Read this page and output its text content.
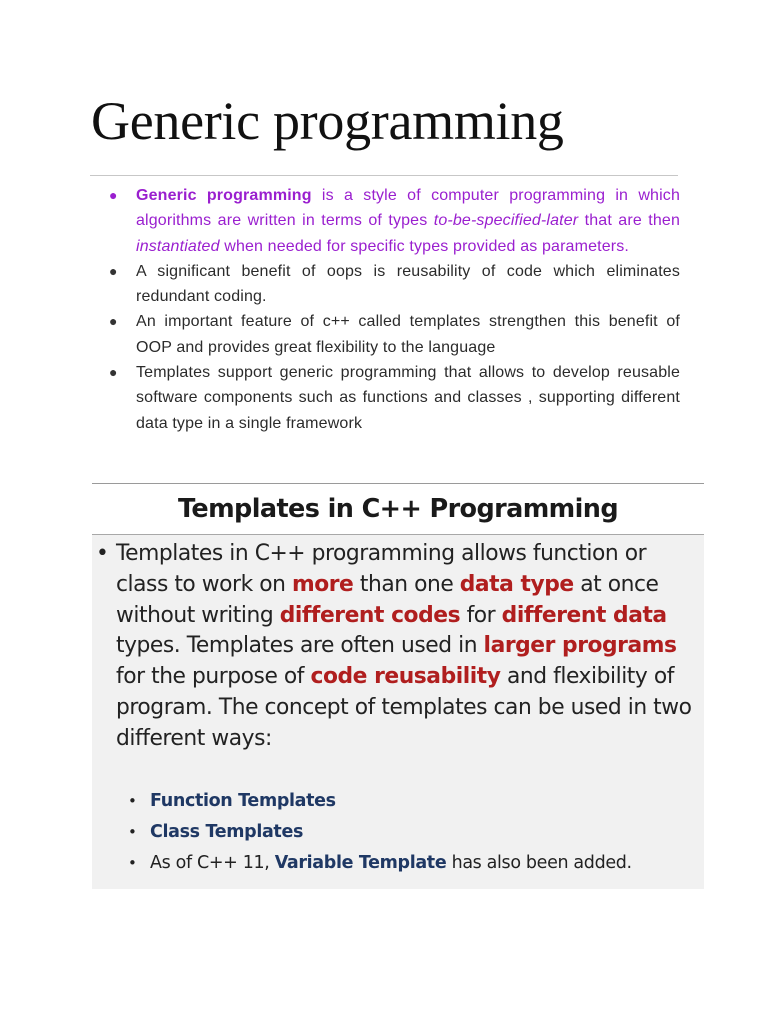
Generic programming
● Generic programming is a style of computer programming in which algorithms are written in terms of types to-be-specified-later that are then instantiated when needed for specific types provided as parameters.
● A significant benefit of oops is reusability of code which eliminates redundant coding.
● An important feature of c++ called templates strengthen this benefit of OOP and provides great flexibility to the language
● Templates support generic programming that allows to develop reusable software components such as functions and classes , supporting different data type in a single framework
Templates in C++ Programming

• Templates in C++ programming allows function or class to work on more than one data type at once without writing different codes for different data types. Templates are often used in larger programs for the purpose of code reusability and flexibility of program. The concept of templates can be used in two different ways:

• Function Templates
• Class Templates
• As of C++ 11, Variable Template has also been added.
